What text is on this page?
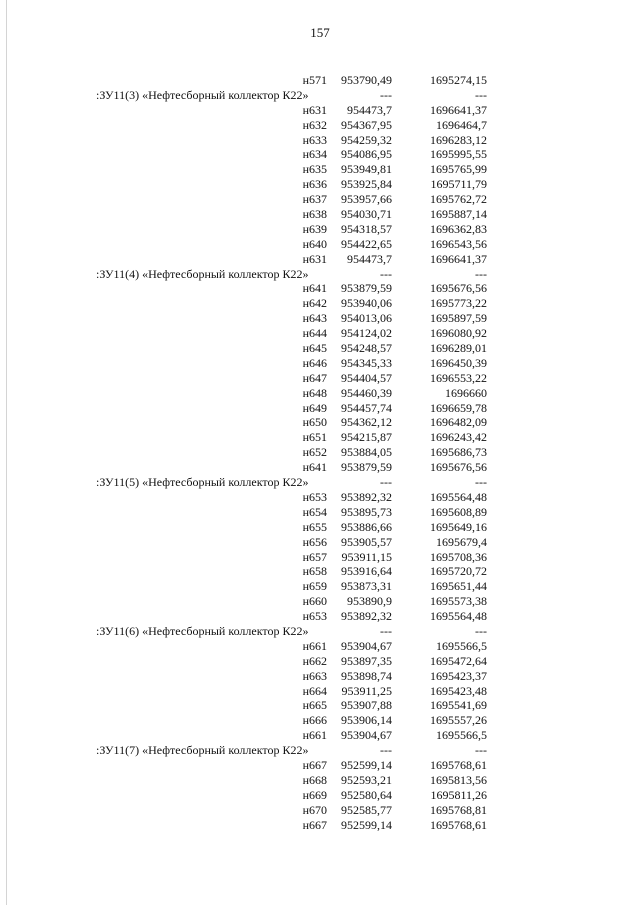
157
н571 953790,49	1695274,15
:ЗУ11(3) «Нефтесборный коллектор К22»	---	---
н631 954473,7	1696641,37
н632 954367,95	1696464,7
н633 954259,32	1696283,12
н634 954086,95	1695995,55
н635 953949,81	1695765,99
н636 953925,84	1695711,79
н637 953957,66	1695762,72
н638 954030,71	1695887,14
н639 954318,57	1696362,83
н640 954422,65	1696543,56
н631 954473,7	1696641,37
:ЗУ11(4) «Нефтесборный коллектор К22»	---	---
н641 953879,59	1695676,56
н642 953940,06	1695773,22
н643 954013,06	1695897,59
н644 954124,02	1696080,92
н645 954248,57	1696289,01
н646 954345,33	1696450,39
н647 954404,57	1696553,22
н648 954460,39	1696660
н649 954457,74	1696659,78
н650 954362,12	1696482,09
н651 954215,87	1696243,42
н652 953884,05	1695686,73
н641 953879,59	1695676,56
:ЗУ11(5) «Нефтесборный коллектор К22»	---	---
н653 953892,32	1695564,48
н654 953895,73	1695608,89
н655 953886,66	1695649,16
н656 953905,57	1695679,4
н657 953911,15	1695708,36
н658 953916,64	1695720,72
н659 953873,31	1695651,44
н660 953890,9	1695573,38
н653 953892,32	1695564,48
:ЗУ11(6) «Нефтесборный коллектор К22»	---	---
н661 953904,67	1695566,5
н662 953897,35	1695472,64
н663 953898,74	1695423,37
н664 953911,25	1695423,48
н665 953907,88	1695541,69
н666 953906,14	1695557,26
н661 953904,67	1695566,5
:ЗУ11(7) «Нефтесборный коллектор К22»	---	---
н667 952599,14	1695768,61
н668 952593,21	1695813,56
н669 952580,64	1695811,26
н670 952585,77	1695768,81
н667 952599,14	1695768,61
